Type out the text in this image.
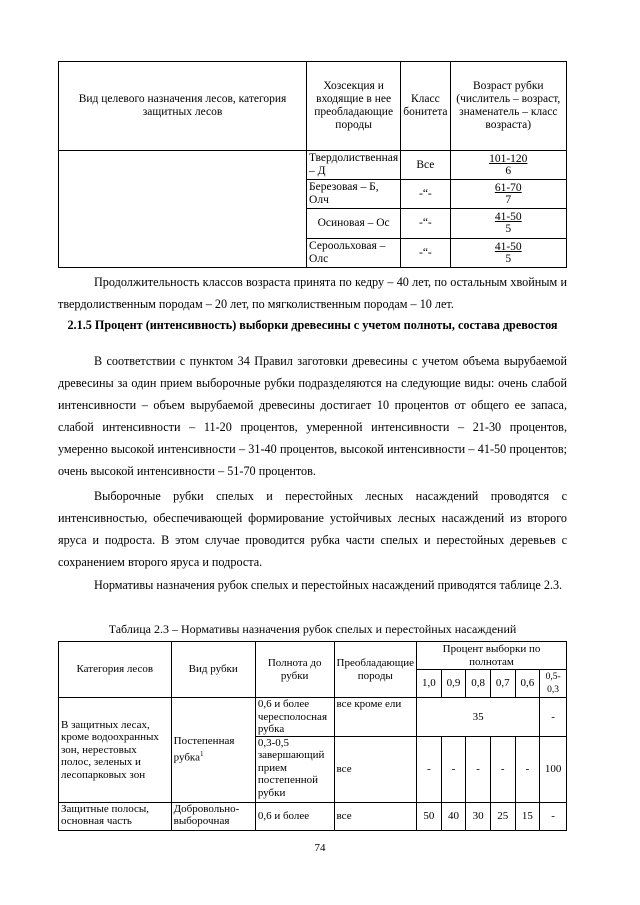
Вид целевого назначения лесов, категория защитных лесов	Хозсекция и входящие в нее преобладающие породы	Класс бонитета	Возраст рубки (числитель – возраст, знаменатель – класс возраста)
	Твердолиственная – Д	Все	$\frac{101-120}{6}$

	Березовая – Б, Олч	-“-	$\frac{61-70}{7}$

	Осиновая – Ос	-“-	$\frac{41-50}{5}$

	Сероольховая – Олс	-“-	$\frac{41-50}{5}$
Продолжительность классов возраста принята по кедру – 40 лет, по остальным хвойным и твердолиственным породам – 20 лет, по мягколиственным породам – 10 лет.
2.1.5 Процент (интенсивность) выборки древесины с учетом полноты, состава древостоя
В соответствии с пунктом 34 Правил заготовки древесины с учетом объема вырубаемой древесины за один прием выборочные рубки подразделяются на следующие виды: очень слабой интенсивности – объем вырубаемой древесины достигает 10 процентов от общего ее запаса, слабой интенсивности – 11-20 процентов, умеренной интенсивности – 21-30 процентов, умеренно высокой интенсивности – 31-40 процентов, высокой интенсивности – 41-50 процентов; очень высокой интенсивности – 51-70 процентов.
Выборочные рубки спелых и перестойных лесных насаждений проводятся с интенсивностью, обеспечивающей формирование устойчивых лесных насаждений из второго яруса и подроста. В этом случае проводится рубка части спелых и перестойных деревьев с сохранением второго яруса и подроста.
Нормативы назначения рубок спелых и перестойных насаждений приводятся таблице 2.3.
Таблица 2.3 – Нормативы назначения рубок спелых и перестойных насаждений
Категория лесов	Вид рубки	Полнота до рубки	Преобладающие породы	Процент выборки по полнотам					
				1,0	0,9	0,8	0,7	0,6	0,5-0,3
В защитных лесах, кроме водоохранных зон, нерестовых полос, зеленых и лесопарковых зон	Постепенная рубка$^1$	0,6 и более чересполосная рубка	все кроме ели	35					-
		0,3-0,5 завершающий прием постепенной рубки	все	-	-	-	-	-	100
Защитные полосы, основная часть	Добровольно-выборочная	0,6 и более	все	50	40	30	25	15	-
74
